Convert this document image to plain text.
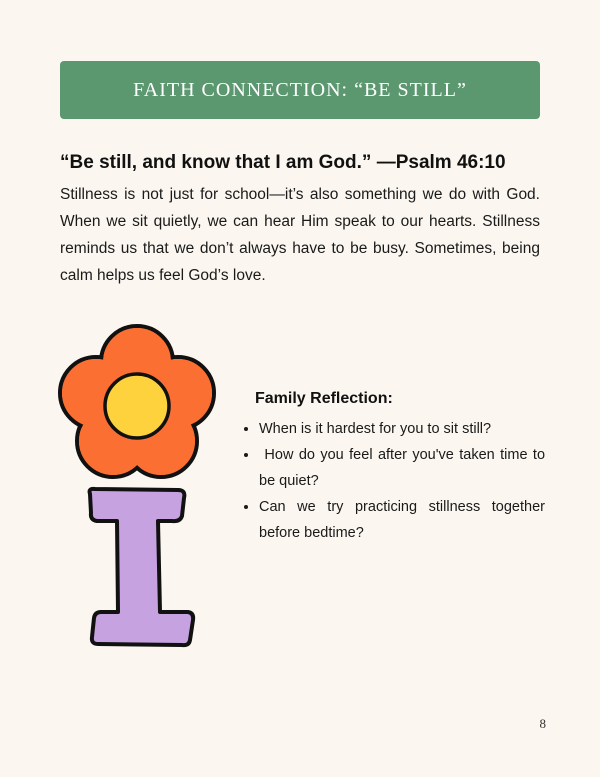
FAITH CONNECTION: “BE STILL”
“Be still, and know that I am God.” —Psalm 46:10
Stillness is not just for school—it’s also something we do with God. When we sit quietly, we can hear Him speak to our hearts. Stillness reminds us that we don’t always have to be busy. Sometimes, being calm helps us feel God’s love.
Family Reflection:
• When is it hardest for you to sit still?
•  How do you feel after you've taken time to be quiet?
• Can we try practicing stillness together before bedtime?
8
